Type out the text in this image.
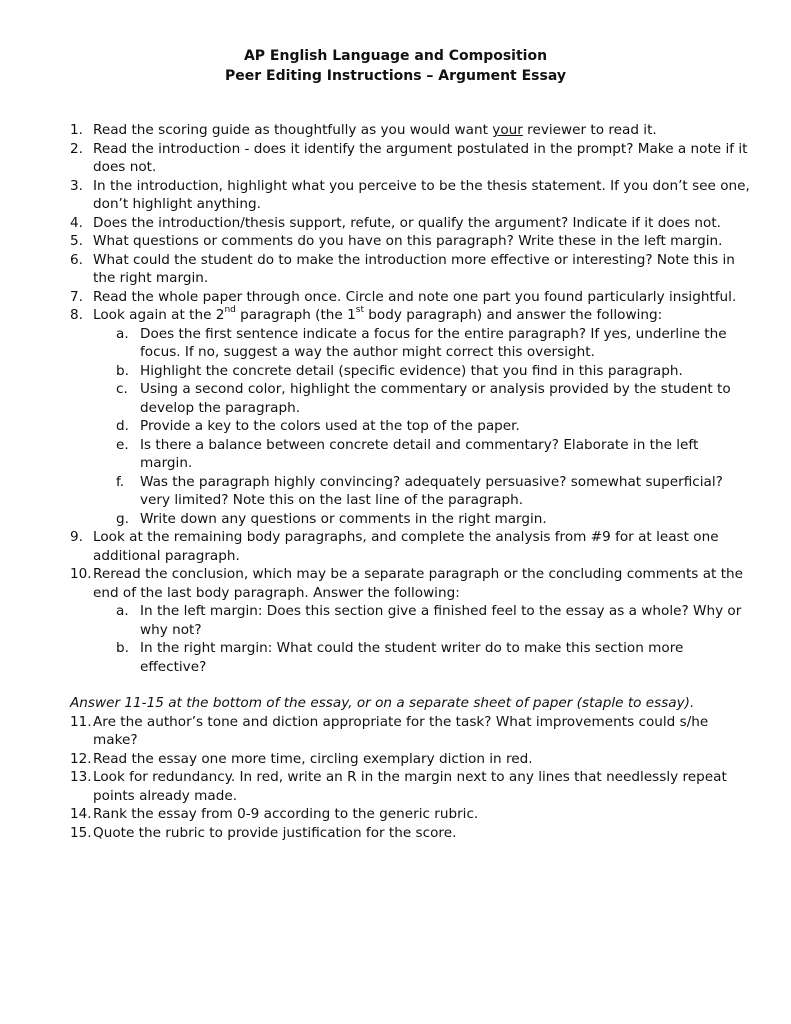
AP English Language and Composition
Peer Editing Instructions – Argument Essay
1. Read the scoring guide as thoughtfully as you would want your reviewer to read it.
2. Read the introduction - does it identify the argument postulated in the prompt? Make a note if it does not.
3. In the introduction, highlight what you perceive to be the thesis statement. If you don’t see one, don’t highlight anything.
4. Does the introduction/thesis support, refute, or qualify the argument? Indicate if it does not.
5. What questions or comments do you have on this paragraph? Write these in the left margin.
6. What could the student do to make the introduction more effective or interesting? Note this in the right margin.
7. Read the whole paper through once. Circle and note one part you found particularly insightful.
8. Look again at the 2nd paragraph (the 1st body paragraph) and answer the following:
a. Does the first sentence indicate a focus for the entire paragraph? If yes, underline the focus. If no, suggest a way the author might correct this oversight.
b. Highlight the concrete detail (specific evidence) that you find in this paragraph.
c. Using a second color, highlight the commentary or analysis provided by the student to develop the paragraph.
d. Provide a key to the colors used at the top of the paper.
e. Is there a balance between concrete detail and commentary? Elaborate in the left margin.
f. Was the paragraph highly convincing? adequately persuasive? somewhat superficial? very limited? Note this on the last line of the paragraph.
g. Write down any questions or comments in the right margin.
9. Look at the remaining body paragraphs, and complete the analysis from #9 for at least one additional paragraph.
10. Reread the conclusion, which may be a separate paragraph or the concluding comments at the end of the last body paragraph. Answer the following:
a. In the left margin: Does this section give a finished feel to the essay as a whole? Why or why not?
b. In the right margin: What could the student writer do to make this section more effective?
Answer 11-15 at the bottom of the essay, or on a separate sheet of paper (staple to essay).
11. Are the author’s tone and diction appropriate for the task? What improvements could s/he make?
12. Read the essay one more time, circling exemplary diction in red.
13. Look for redundancy. In red, write an R in the margin next to any lines that needlessly repeat points already made.
14. Rank the essay from 0-9 according to the generic rubric.
15. Quote the rubric to provide justification for the score.
